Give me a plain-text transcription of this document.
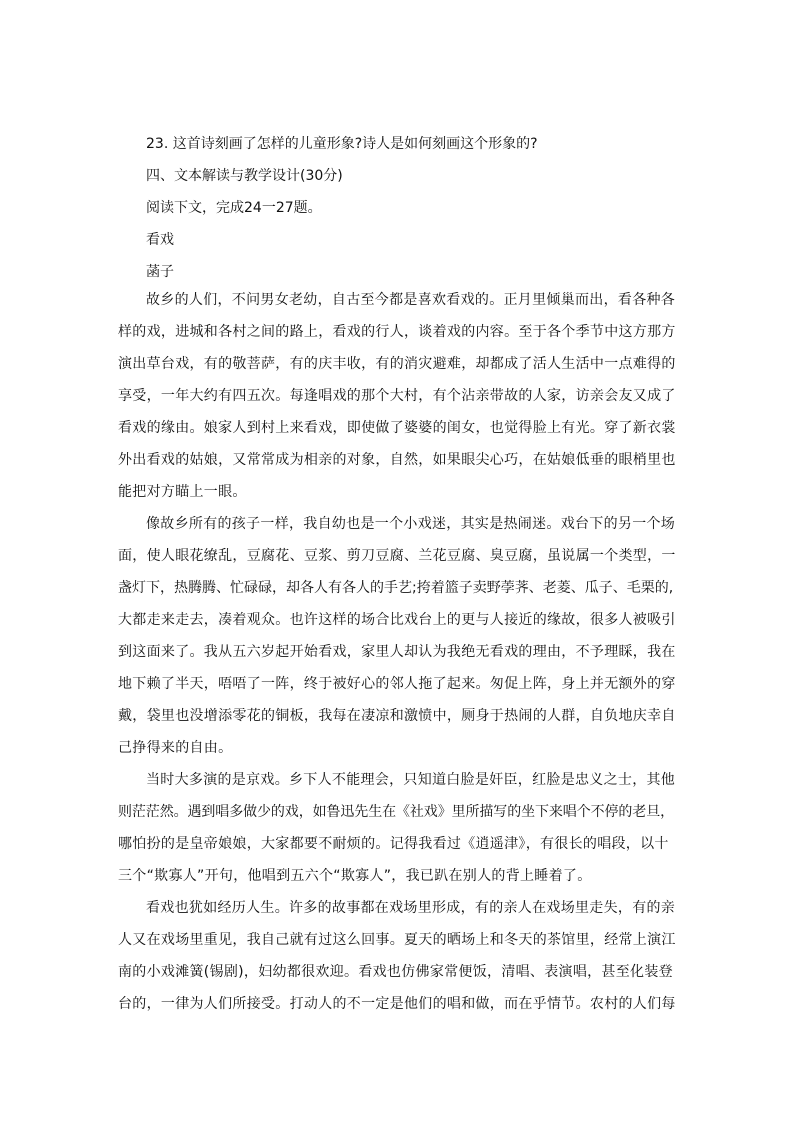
23. 这首诗刻画了怎样的儿童形象?诗人是如何刻画这个形象的?
四、文本解读与教学设计(30分)
阅读下文，完成24一27题。
看戏
菡子
故乡的人们，不问男女老幼，自古至今都是喜欢看戏的。正月里倾巢而出，看各种各
样的戏，进城和各村之间的路上，看戏的行人，谈着戏的内容。至于各个季节中这方那方
演出草台戏，有的敬菩萨，有的庆丰收，有的消灾避难，却都成了活人生活中一点难得的
享受，一年大约有四五次。每逢唱戏的那个大村，有个沾亲带故的人家，访亲会友又成了
看戏的缘由。娘家人到村上来看戏，即使做了婆婆的闺女，也觉得脸上有光。穿了新衣裳
外出看戏的姑娘，又常常成为相亲的对象，自然，如果眼尖心巧，在姑娘低垂的眼梢里也
能把对方瞄上一眼。
像故乡所有的孩子一样，我自幼也是一个小戏迷，其实是热闹迷。戏台下的另一个场
面，使人眼花缭乱，豆腐花、豆浆、剪刀豆腐、兰花豆腐、臭豆腐，虽说属一个类型，一
盏灯下，热腾腾、忙碌碌，却各人有各人的手艺;挎着篮子卖野荸荠、老菱、瓜子、毛栗的,
大都走来走去，凑着观众。也许这样的场合比戏台上的更与人接近的缘故，很多人被吸引
到这面来了。我从五六岁起开始看戏，家里人却认为我绝无看戏的理由，不予理睬，我在
地下赖了半天，唔唔了一阵，终于被好心的邻人拖了起来。匆促上阵，身上并无额外的穿
戴，袋里也没增添零花的铜板，我每在凄凉和激愤中，厕身于热闹的人群，自负地庆幸自
己挣得来的自由。
当时大多演的是京戏。乡下人不能理会，只知道白脸是奸臣，红脸是忠义之士，其他
则茫茫然。遇到唱多做少的戏，如鲁迅先生在《社戏》里所描写的坐下来唱个不停的老旦，
哪怕扮的是皇帝娘娘，大家都要不耐烦的。记得我看过《逍遥津》，有很长的唱段，以十
三个“欺寡人”开句，他唱到五六个“欺寡人”，我已趴在别人的背上睡着了。
看戏也犹如经历人生。许多的故事都在戏场里形成，有的亲人在戏场里走失，有的亲
人又在戏场里重见，我自己就有过这么回事。夏天的晒场上和冬天的茶馆里，经常上演江
南的小戏滩簧(锡剧)，妇幼都很欢迎。看戏也仿佛家常便饭，清唱、表演唱，甚至化装登
台的，一律为人们所接受。打动人的不一定是他们的唱和做，而在乎情节。农村的人们每
